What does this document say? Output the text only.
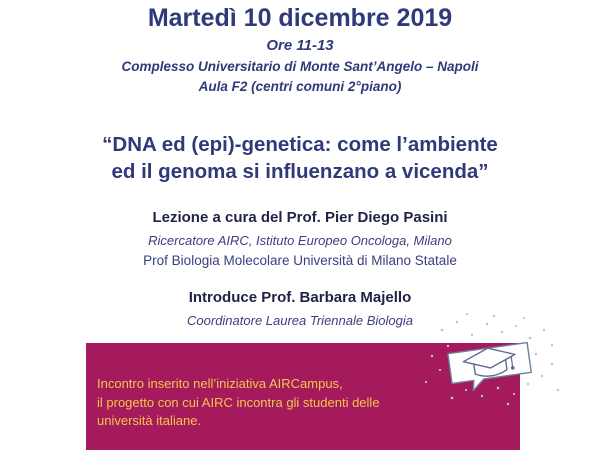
Martedì 10 dicembre 2019
Ore 11-13
Complesso Universitario di Monte Sant’Angelo – Napoli
Aula F2 (centri comuni 2°piano)
“DNA ed (epi)-genetica: come l’ambiente
ed il genoma si influenzano a vicenda”
Lezione a cura del Prof. Pier Diego Pasini
Ricercatore AIRC, Istituto Europeo Oncologa, Milano
Prof Biologia Molecolare Università di Milano Statale
Introduce Prof. Barbara Majello
Coordinatore Laurea Triennale Biologia
Incontro inserito nell’iniziativa AIRCampus,
il progetto con cui AIRC incontra gli studenti delle
università italiane.
